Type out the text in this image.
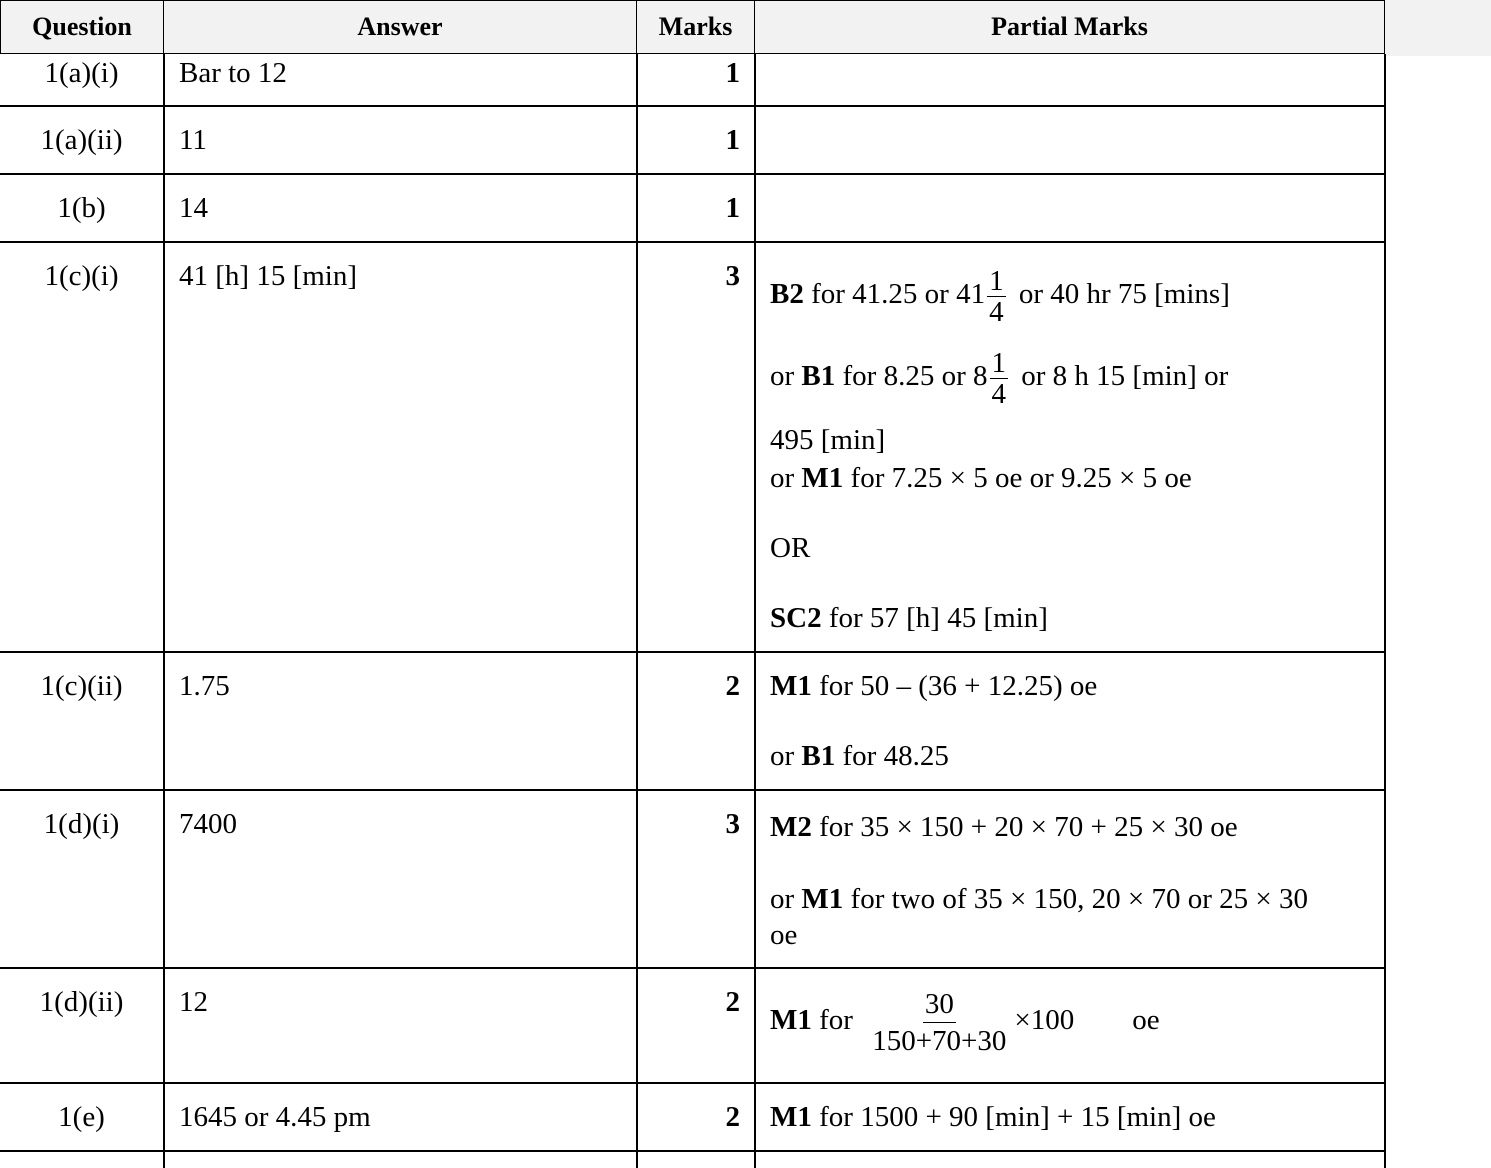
Question	Answer	Marks	Partial Marks
1(a)(i)	Bar to 12	1
1(a)(ii)	11	1
1(b)	14	1
1(c)(i)	41 [h] 15 [min]	3
B2 for 41.25 or $41 \frac{1}{4}$ or 40 hr 75 [mins]
or B1 for 8.25 or $8 \frac{1}{4}$ or 8 h 15 [min] or
495 [min]
or M1 for 7.25 × 5 oe or 9.25 × 5 oe
OR
SC2 for 57 [h] 45 [min]
1(c)(ii)	1.75	2 M1 for 50 – (36 + 12.25) oe
or B1 for 48.25
1(d)(i)	7400	3 M2 for 35 × 150 + 20 × 70 + 25 × 30 oe
or M1 for two of 35 × 150, 20 × 70 or 25 × 30
oe
1(d)(ii)	12	2
M1 for $\frac{30}{150+70+30} \times 100$ oe
1(e)	1645 or 4.45 pm	2 M1 for 1500 + 90 [min] + 15 [min] oe
